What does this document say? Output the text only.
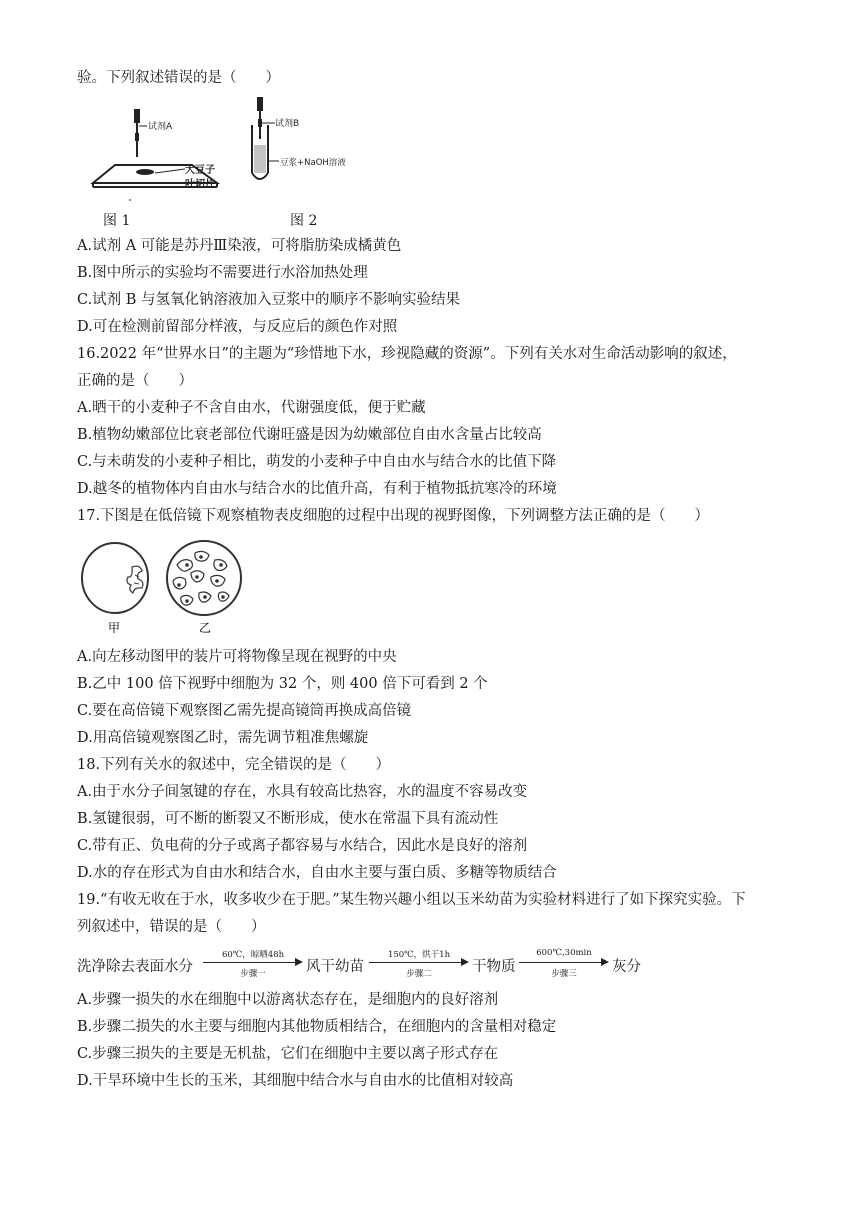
验。下列叙述错误的是（　　）
试剂A
大豆子
叶切片
试剂B
豆浆+NaOH溶液
图 1	图 2
A.试剂 A 可能是苏丹Ⅲ染液，可将脂肪染成橘黄色
B.图中所示的实验均不需要进行水浴加热处理
C.试剂 B 与氢氧化钠溶液加入豆浆中的顺序不影响实验结果
D.可在检测前留部分样液，与反应后的颜色作对照
16.2022 年“世界水日”的主题为“珍惜地下水，珍视隐藏的资源”。下列有关水对生命活动影响的叙述，
正确的是（　　）
A.晒干的小麦种子不含自由水，代谢强度低，便于贮藏
B.植物幼嫩部位比衰老部位代谢旺盛是因为幼嫩部位自由水含量占比较高
C.与未萌发的小麦种子相比，萌发的小麦种子中自由水与结合水的比值下降
D.越冬的植物体内自由水与结合水的比值升高，有利于植物抵抗寒冷的环境
17.下图是在低倍镜下观察植物表皮细胞的过程中出现的视野图像，下列调整方法正确的是（　　）
甲	乙
A.向左移动图甲的装片可将物像呈现在视野的中央
B.乙中 100 倍下视野中细胞为 32 个，则 400 倍下可看到 2 个
C.要在高倍镜下观察图乙需先提高镜筒再换成高倍镜
D.用高倍镜观察图乙时，需先调节粗准焦螺旋
18.下列有关水的叙述中，完全错误的是（　　）
A.由于水分子间氢键的存在，水具有较高比热容，水的温度不容易改变
B.氢键很弱，可不断的断裂又不断形成，使水在常温下具有流动性
C.带有正、负电荷的分子或离子都容易与水结合，因此水是良好的溶剂
D.水的存在形式为自由水和结合水，自由水主要与蛋白质、多糖等物质结合
19.“有收无收在于水，收多收少在于肥。”某生物兴趣小组以玉米幼苗为实验材料进行了如下探究实验。下
列叙述中，错误的是（　　）
洗净除去表面水分
60℃，晾晒48h
步骤一	风干幼苗
150℃，烘干1h
步骤二	干物质
600℃,30min
步骤三	灰分
A.步骤一损失的水在细胞中以游离状态存在，是细胞内的良好溶剂
B.步骤二损失的水主要与细胞内其他物质相结合，在细胞内的含量相对稳定
C.步骤三损失的主要是无机盐，它们在细胞中主要以离子形式存在
D.干旱环境中生长的玉米，其细胞中结合水与自由水的比值相对较高
